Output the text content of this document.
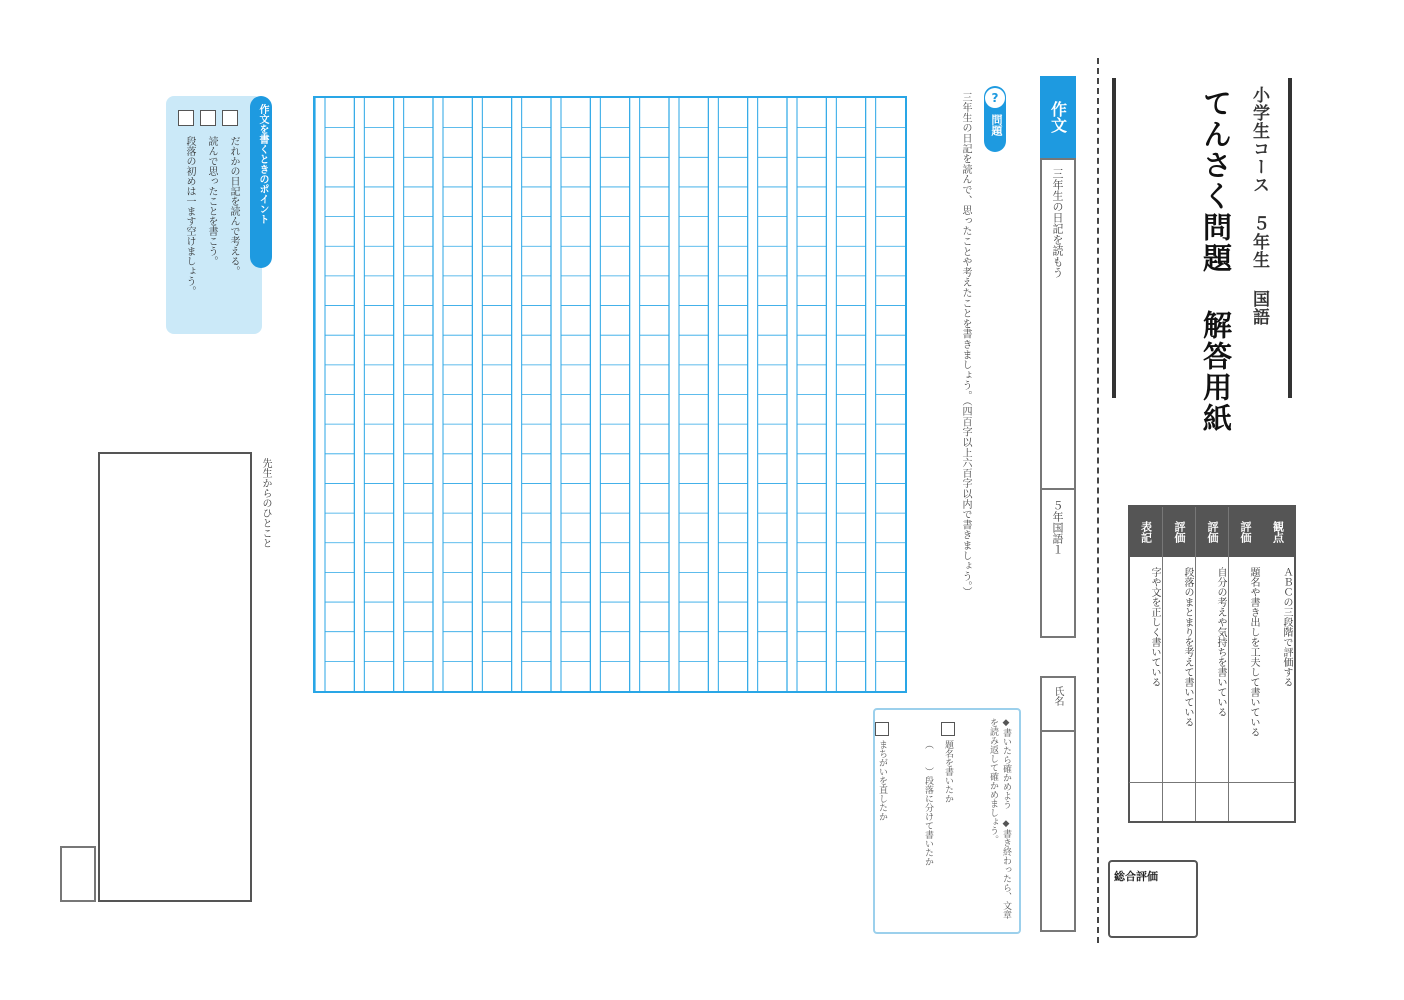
小学生コース ５年生 国語
てんさく問題 解答用紙
観点
ＡＢＣの三段階で評価する
評価
題名や書き出しを工夫して書いている
評価
自分の考えや気持ちを書いている
評価
段落のまとまりを考えて書いている
表記
字や文を正しく書いている
総合評価
作文
三年生の日記を読もう
５年国語１
氏名
?
問題
三年生の日記を読んで、思ったことや考えたことを書きましょう。（四百字以上六百字以内で書きましょう。）
◆書いたら確かめよう ◆書き終わったら、文章を読み返して確かめましょう。
題名を書いたか
（　　）段落に分けて書いたか
まちがいを直したか
作文を書くときのポイント
だれかの日記を読んで考える。
読んで思ったことを書こう。
段落の初めは一ます空けましょう。
先生からのひとこと
